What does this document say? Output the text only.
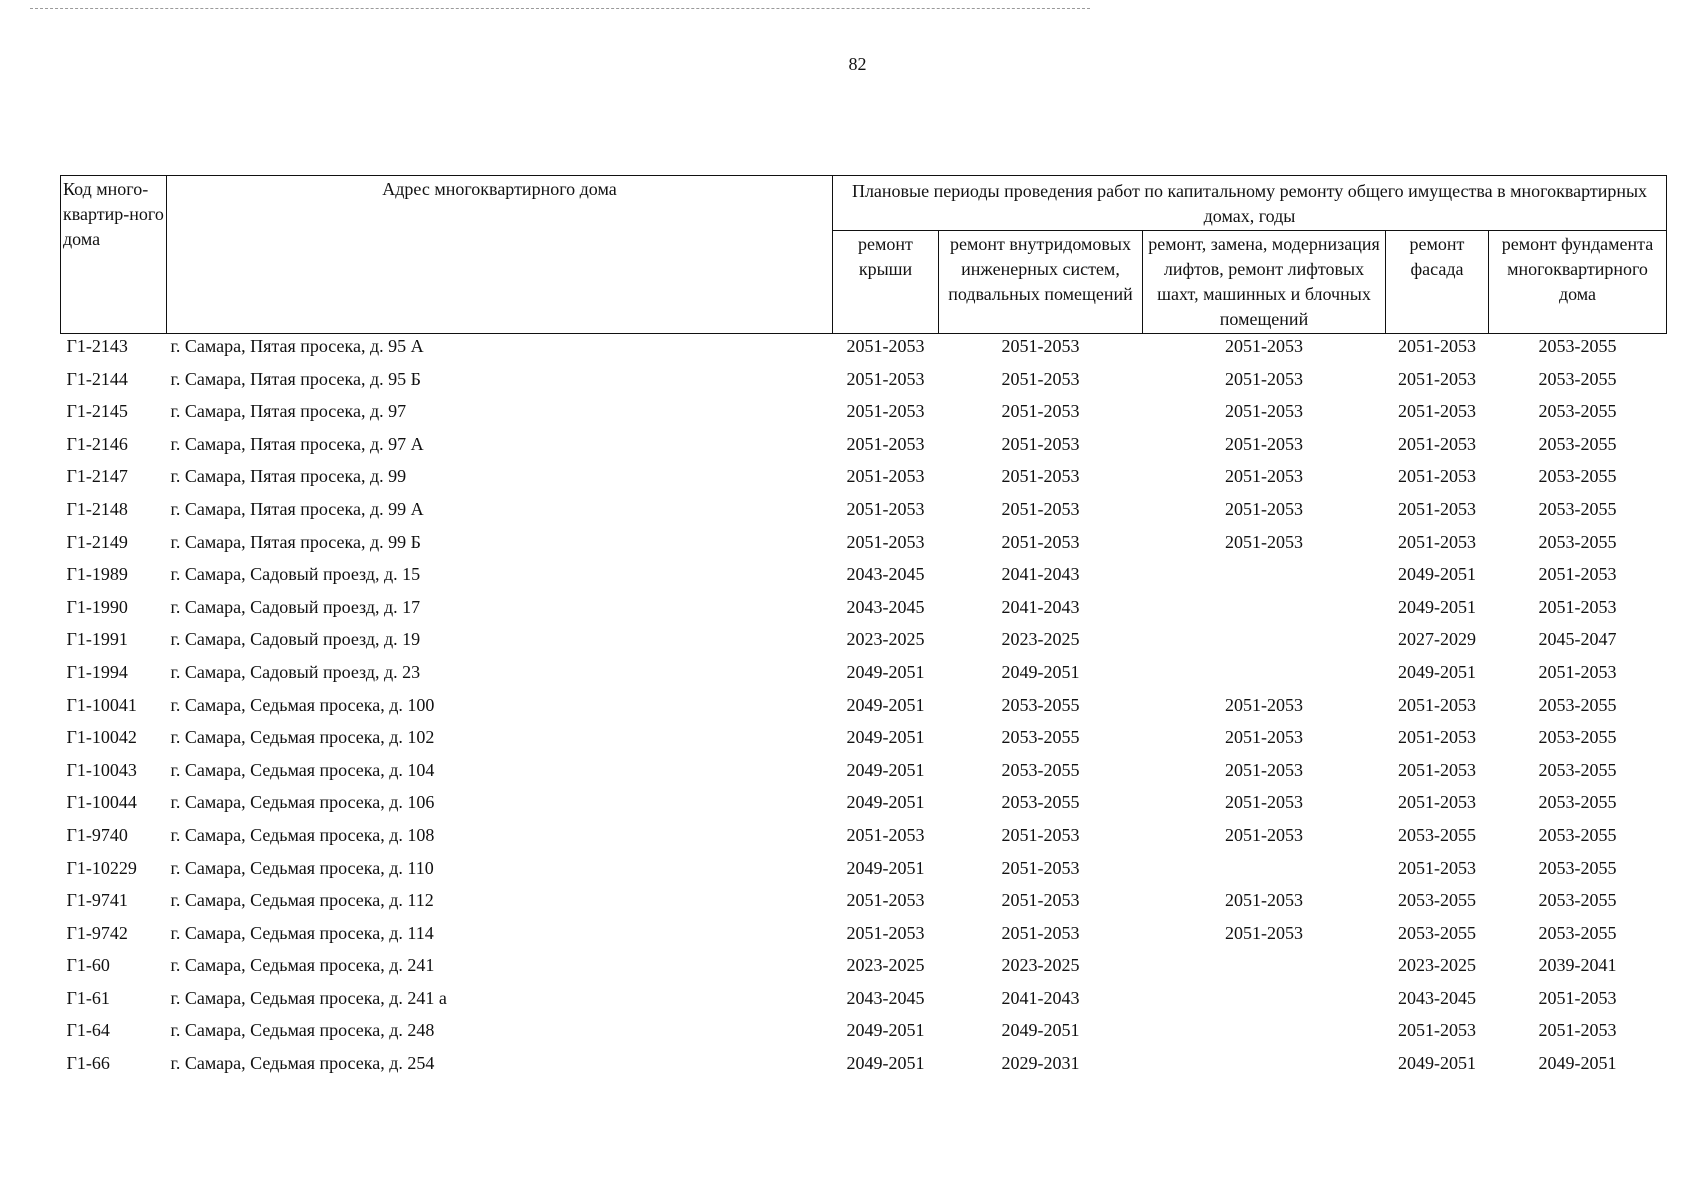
82
Код много-квартир-ного дома	Адрес многоквартирного дома	Плановые периоды проведения работ по капитальному ремонту общего имущества в многоквартирных домах, годы				
		ремонт крыши	ремонт внутридомовых инженерных систем, подвальных помещений	ремонт, замена, модернизация лифтов, ремонт лифтовых шахт, машинных и блочных помещений	ремонт фасада	ремонт фундамента многоквартирного дома
Г1-2143	г. Самара, Пятая просека, д. 95 А	2051-2053	2051-2053	2051-2053	2051-2053	2053-2055
Г1-2144	г. Самара, Пятая просека, д. 95 Б	2051-2053	2051-2053	2051-2053	2051-2053	2053-2055
Г1-2145	г. Самара, Пятая просека, д. 97	2051-2053	2051-2053	2051-2053	2051-2053	2053-2055
Г1-2146	г. Самара, Пятая просека, д. 97 А	2051-2053	2051-2053	2051-2053	2051-2053	2053-2055
Г1-2147	г. Самара, Пятая просека, д. 99	2051-2053	2051-2053	2051-2053	2051-2053	2053-2055
Г1-2148	г. Самара, Пятая просека, д. 99 А	2051-2053	2051-2053	2051-2053	2051-2053	2053-2055
Г1-2149	г. Самара, Пятая просека, д. 99 Б	2051-2053	2051-2053	2051-2053	2051-2053	2053-2055
Г1-1989	г. Самара, Садовый проезд, д. 15	2043-2045	2041-2043		2049-2051	2051-2053
Г1-1990	г. Самара, Садовый проезд, д. 17	2043-2045	2041-2043		2049-2051	2051-2053
Г1-1991	г. Самара, Садовый проезд, д. 19	2023-2025	2023-2025		2027-2029	2045-2047
Г1-1994	г. Самара, Садовый проезд, д. 23	2049-2051	2049-2051		2049-2051	2051-2053
Г1-10041	г. Самара, Седьмая просека, д. 100	2049-2051	2053-2055	2051-2053	2051-2053	2053-2055
Г1-10042	г. Самара, Седьмая просека, д. 102	2049-2051	2053-2055	2051-2053	2051-2053	2053-2055
Г1-10043	г. Самара, Седьмая просека, д. 104	2049-2051	2053-2055	2051-2053	2051-2053	2053-2055
Г1-10044	г. Самара, Седьмая просека, д. 106	2049-2051	2053-2055	2051-2053	2051-2053	2053-2055
Г1-9740	г. Самара, Седьмая просека, д. 108	2051-2053	2051-2053	2051-2053	2053-2055	2053-2055
Г1-10229	г. Самара, Седьмая просека, д. 110	2049-2051	2051-2053		2051-2053	2053-2055
Г1-9741	г. Самара, Седьмая просека, д. 112	2051-2053	2051-2053	2051-2053	2053-2055	2053-2055
Г1-9742	г. Самара, Седьмая просека, д. 114	2051-2053	2051-2053	2051-2053	2053-2055	2053-2055
Г1-60	г. Самара, Седьмая просека, д. 241	2023-2025	2023-2025		2023-2025	2039-2041
Г1-61	г. Самара, Седьмая просека, д. 241 а	2043-2045	2041-2043		2043-2045	2051-2053
Г1-64	г. Самара, Седьмая просека, д. 248	2049-2051	2049-2051		2051-2053	2051-2053
Г1-66	г. Самара, Седьмая просека, д. 254	2049-2051	2029-2031		2049-2051	2049-2051
